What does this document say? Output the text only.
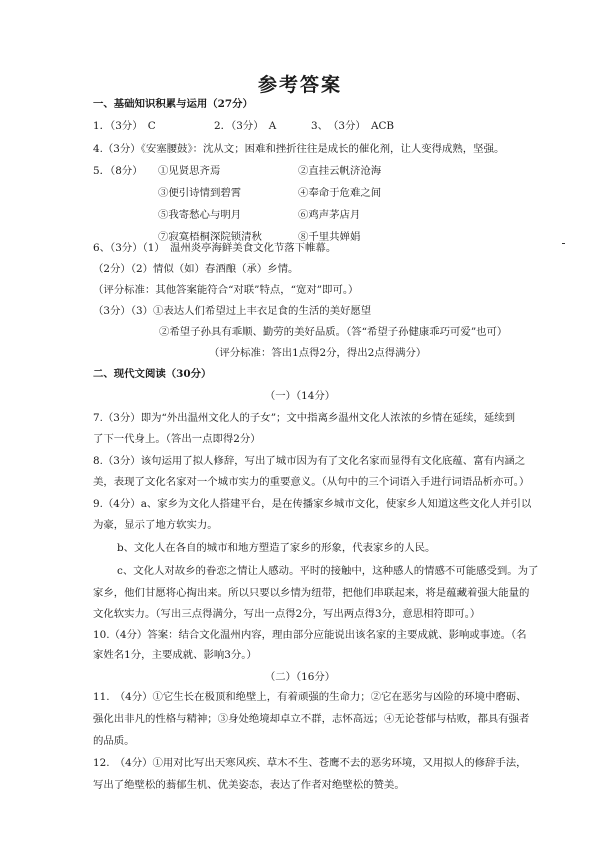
参考答案
一、基础知识积累与运用（27分）
1．（3分）　C	2．（3分）　A	3、　（3分）　ACB
4.（3分）《安塞腰鼓》：沈从文；困难和挫折往往是成长的催化剂，让人变得成熟，坚强。
5．（8分） ①见贤思齐焉	②直挂云帆济沧海
③便引诗情到碧霄	④奉命于危难之间
⑤我寄愁心与明月	⑥鸡声茅店月
⑦寂寞梧桐深院锁清秋	⑧千里共婵娟
6、（3分）（1）　温州炎亭海鲜美食文化节落下帷幕。
（2分）（2）情似（如）春酒酿（承）乡情。
（评分标准：其他答案能符合“对联”特点，“宽对”即可。）
（3分）（3）①表达人们希望过上丰衣足食的生活的美好愿望
②希望子孙具有乖顺、勤劳的美好品质。（答“希望子孙健康乖巧可爱”也可）
（评分标准：答出1点得2分，得出2点得满分）
二、现代文阅读（30分）
（一）（14分）
7.（3分）即为“外出温州文化人的子女”；文中指离乡温州文化人浓浓的乡情在延续，延续到
了下一代身上。（答出一点即得2分）
8.（3分）该句运用了拟人修辞，写出了城市因为有了文化名家而显得有文化底蕴、富有内涵之
美，表现了文化名家对一个城市实力的重要意义。（从句中的三个词语入手进行词语品析亦可。）
9.（4分）a、家乡为文化人搭建平台，是在传播家乡城市文化，使家乡人知道这些文化人并引以
为豪，显示了地方软实力。
b、文化人在各自的城市和地方塑造了家乡的形象，代表家乡的人民。
c、文化人对故乡的眷恋之情让人感动。平时的接触中，这种感人的情感不可能感受到。为了
家乡，他们甘愿将心掏出来。所以只要以乡情为纽带，把他们串联起来，将是蕴藏着强大能量的
文化软实力。（写出三点得满分，写出一点得2分，写出两点得3分，意思相符即可。）
10.（4分）答案：结合文化温州内容，理由部分应能说出该名家的主要成就、影响或事迹。（名
家姓名1分，主要成就、影响3分。）
（二）（16分）
11.　（4分）①它生长在极顶和绝壁上，有着顽强的生命力；②它在恶劣与凶险的环境中磨砺、
强化出非凡的性格与精神；③身处绝境却卓立不群，志怀高远；④无论苍郁与枯败，都具有强者
的品质。
12.　（4分）①用对比写出天寒风疾、草木不生、苍鹰不去的恶劣环境，又用拟人的修辞手法，
写出了绝壁松的蓊郁生机、优美姿态，表达了作者对绝壁松的赞美。
